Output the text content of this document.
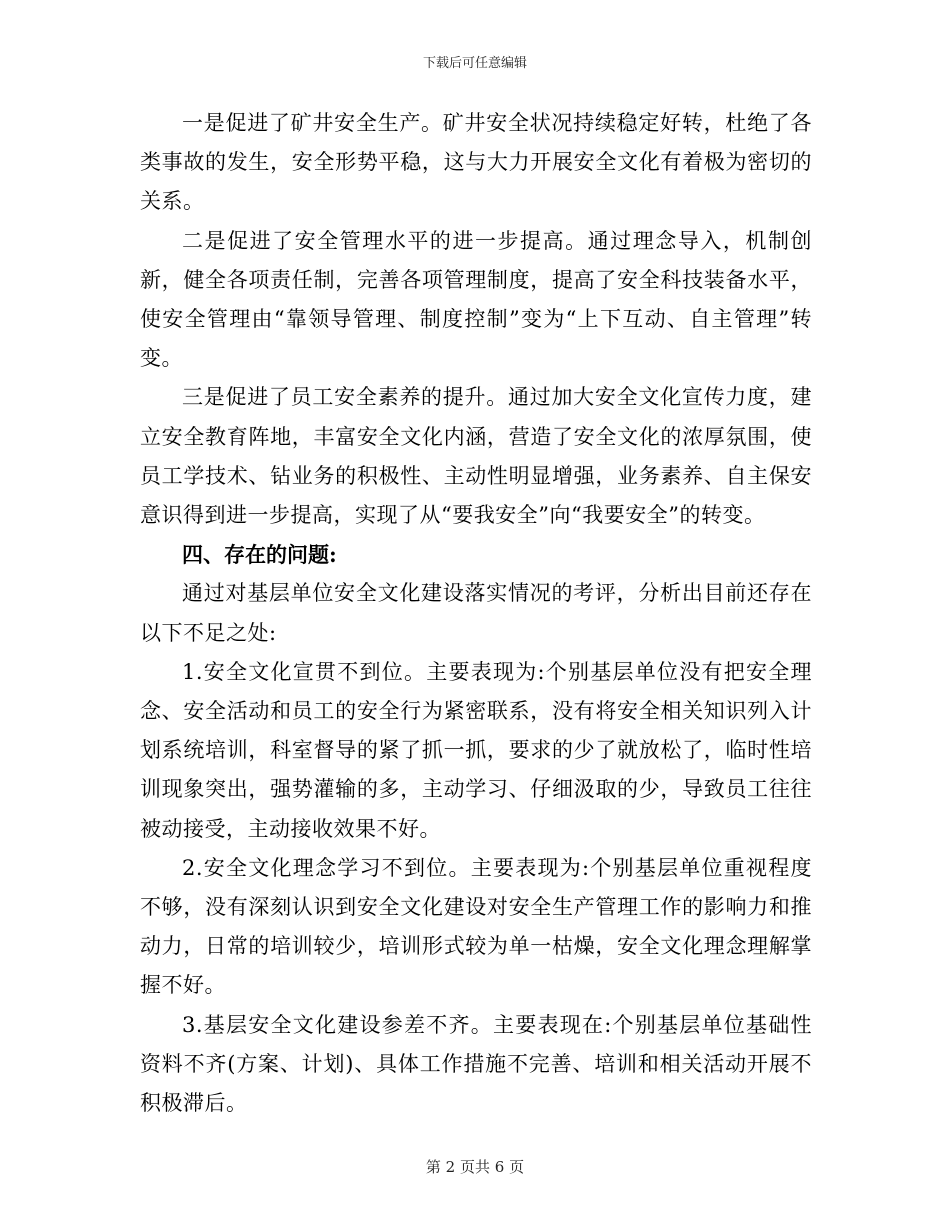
下载后可任意编辑

一是促进了矿井安全生产。矿井安全状况持续稳定好转，杜绝了各类事故的发生，安全形势平稳，这与大力开展安全文化有着极为密切的关系。

二是促进了安全管理水平的进一步提高。通过理念导入，机制创新，健全各项责任制，完善各项管理制度，提高了安全科技装备水平，使安全管理由“靠领导管理、制度控制”变为“上下互动、自主管理”转变。

三是促进了员工安全素养的提升。通过加大安全文化宣传力度，建立安全教育阵地，丰富安全文化内涵，营造了安全文化的浓厚氛围，使员工学技术、钻业务的积极性、主动性明显增强，业务素养、自主保安意识得到进一步提高，实现了从“要我安全”向“我要安全”的转变。

四、存在的问题:

通过对基层单位安全文化建设落实情况的考评，分析出目前还存在以下不足之处:

1.安全文化宣贯不到位。主要表现为:个别基层单位没有把安全理念、安全活动和员工的安全行为紧密联系，没有将安全相关知识列入计划系统培训，科室督导的紧了抓一抓，要求的少了就放松了，临时性培训现象突出，强势灌输的多，主动学习、仔细汲取的少，导致员工往往被动接受，主动接收效果不好。

2.安全文化理念学习不到位。主要表现为:个别基层单位重视程度不够，没有深刻认识到安全文化建设对安全生产管理工作的影响力和推动力，日常的培训较少，培训形式较为单一枯燥，安全文化理念理解掌握不好。

3.基层安全文化建设参差不齐。主要表现在:个别基层单位基础性资料不齐(方案、计划)、具体工作措施不完善、培训和相关活动开展不积极滞后。

第 2 页共 6 页
